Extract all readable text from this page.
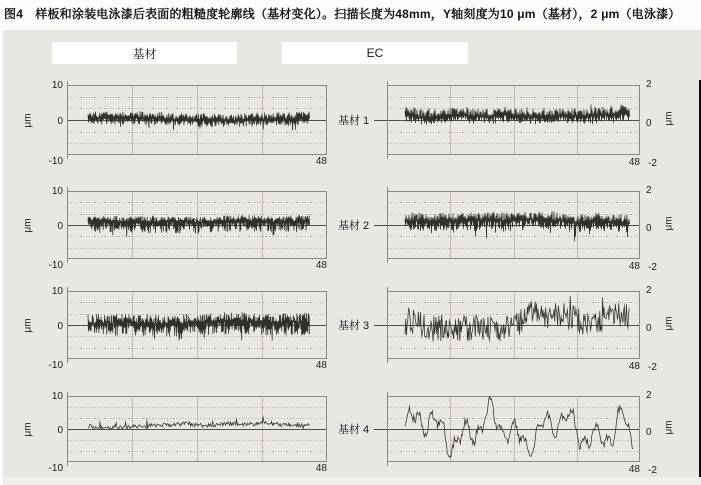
图4　样板和涂装电泳漆后表面的粗糙度轮廓线（基材变化）。扫描长度为48mm，Y轴刻度为10 μm（基材），2 μm（电泳漆）
基材	EC
10
0
-10
μm
48
2
0
-2
μm
48
基材 1
10
0
-10
μm
48
2
0
-2
μm
48
基材 2
10
0
-10
μm
48
2
0
-2
μm
48
基材 3
10
0
-10
μm
48
2
0
-2
μm
48
基材 4
